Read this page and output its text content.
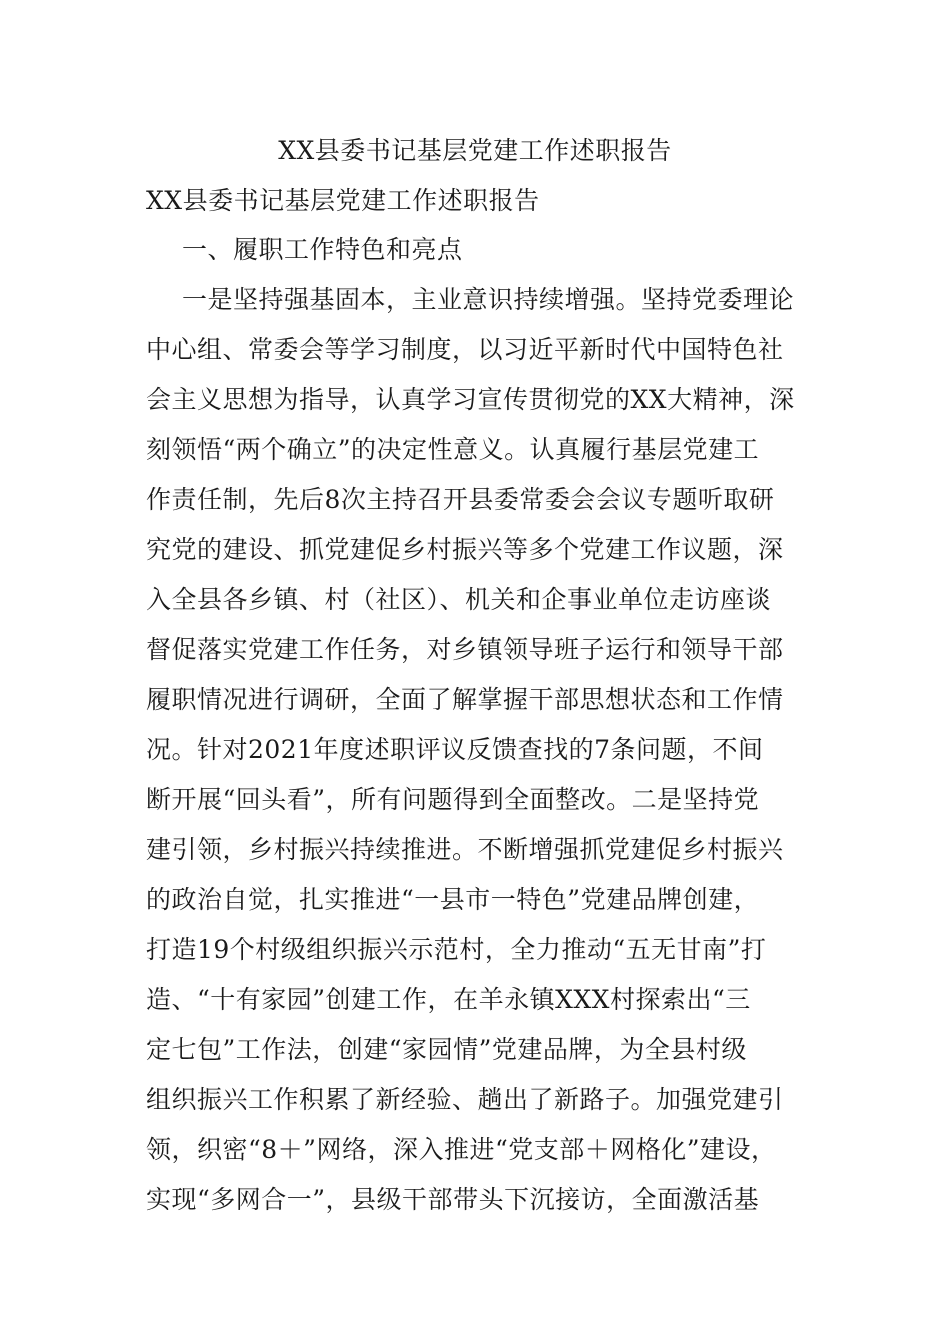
XX县委书记基层党建工作述职报告
XX县委书记基层党建工作述职报告
一、履职工作特色和亮点
一是坚持强基固本，主业意识持续增强。坚持党委理论
中心组、常委会等学习制度，以习近平新时代中国特色社
会主义思想为指导，认真学习宣传贯彻党的XX大精神，深
刻领悟“两个确立”的决定性意义。认真履行基层党建工
作责任制，先后8次主持召开县委常委会会议专题听取研
究党的建设、抓党建促乡村振兴等多个党建工作议题，深
入全县各乡镇、村（社区）、机关和企事业单位走访座谈
督促落实党建工作任务，对乡镇领导班子运行和领导干部
履职情况进行调研，全面了解掌握干部思想状态和工作情
况。针对2021年度述职评议反馈查找的7条问题，不间
断开展“回头看”，所有问题得到全面整改。二是坚持党
建引领，乡村振兴持续推进。不断增强抓党建促乡村振兴
的政治自觉，扎实推进“一县市一特色”党建品牌创建，
打造19个村级组织振兴示范村，全力推动“五无甘南”打
造、“十有家园”创建工作，在羊永镇XXX村探索出“三
定七包”工作法，创建“家园情”党建品牌，为全县村级
组织振兴工作积累了新经验、趟出了新路子。加强党建引
领，织密“8＋”网络，深入推进“党支部＋网格化”建设，
实现“多网合一”，县级干部带头下沉接访，全面激活基
